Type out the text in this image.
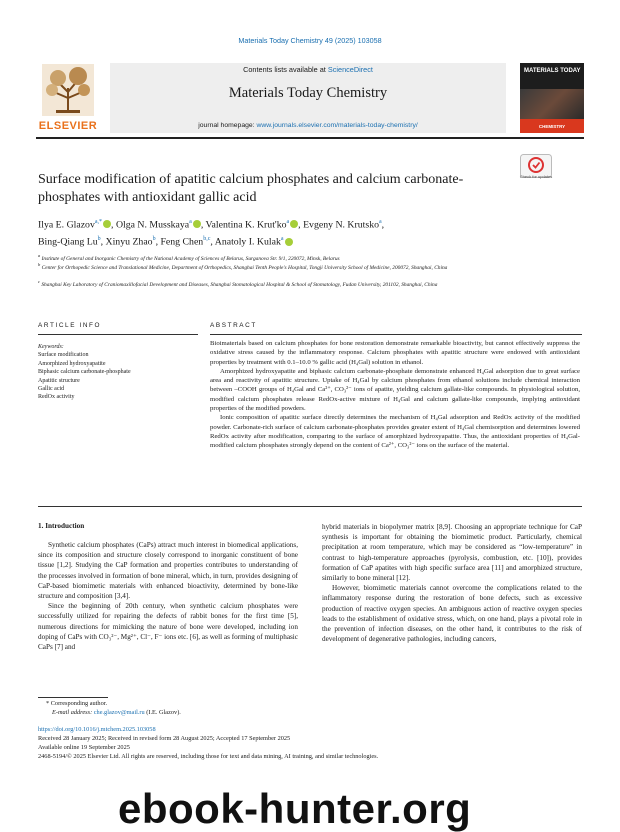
Materials Today Chemistry 49 (2025) 103058
ELSEVIER
Contents lists available at ScienceDirect
Materials Today Chemistry
journal homepage: www.journals.elsevier.com/materials-today-chemistry/
MATERIALS TODAY
CHEMISTRY
Check for updates
Surface modification of apatitic calcium phosphates and calcium carbonate-phosphates with antioxidant gallic acid
Ilya E. Glazov$^{a,*}$ , Olga N. Musskaya$^a$ , Valentina K. $Krut'ko^a$ , Evgeny N. Krutsko$^a$,
Bing-Qiang Lu$^b$, Xinyu Zhao$^b$, Feng Chen$^{b,c}$, Anatoly I. Kulak$^a$
$^a$ Institute of General and Inorganic Chemistry of the National Academy of Sciences of Belarus, Surganova Str. 9/1, 220072, Minsk, Belarus
$^b$ Center for Orthopedic Science and Translational Medicine, Department of Orthopedics, Shanghai Tenth People's Hospital, Tongji University School of Medicine, 200072, Shanghai, China
$^c$ Shanghai Key Laboratory of Craniomaxillofacial Development and Diseases, Shanghai Stomatological Hospital & School of Stomatology, Fudan University, 201102, Shanghai, China
ARTICLE INFO	ABSTRACT
Keywords:
Surface modification
Amorphized hydroxyapatite
Biphasic calcium carbonate-phosphate
Apatitic structure
Gallic acid
RedOx activity

Bioimaterials based on calcium phosphates for bone restoration demonstrate remarkable bioactivity, but cannot effectively suppress the oxidative stress caused by the inflammatory response. Calcium phosphates with apatitic structure were endowed with antioxidant properties by treatment with 0.1–10.0 % gallic acid (H₄Gal) solution in ethanol.

Amorphized hydroxyapatite and biphasic calcium carbonate-phosphate demonstrate enhanced H₄Gal adsorption due to great surface area and reactivity of apatitic structure. Uptake of H₄Gal by calcium phosphates from ethanol solutions include chemical interaction between –COOH groups of H₄Gal and Ca²⁺, CO₃²⁻ ions of apatite, yielding calcium gallate-like compounds. In physiological solution, modified calcium phosphates release RedOx-active mixture of H₄Gal and calcium gallate-like compounds, implying antioxidant properties of the modified powders.

Ionic composition of apatitic surface directly determines the mechanism of H₄Gal adsorption and RedOx activity of the modified powder. Carbonate-rich surface of calcium carbonate-phosphates provides greater extent of H₄Gal chemisorption and determines lowered RedOx activity after modification, comparing to the surface of amorphized hydroxyapatite. Thus, the antioxidant properties of H₄Gal-modified calcium phosphates strongly depend on the content of Ca²⁺, CO₃²⁻ ions on the surface of the material.

1. Introduction

Synthetic calcium phosphates (CaPs) attract much interest in biomedical applications, since its composition and structure closely correspond to inorganic constituent of bone tissue [1,2]. Studying the CaP formation and properties contributes to understanding of the processes involved in formation of bone mineral, which, in turn, provides designing of CaP-based biomimetic materials with enhanced bioactivity, determined by bone-like structure and composition [3,4].

Since the beginning of 20th century, when synthetic calcium phosphates were successfully utilized for repairing the defects of rabbit bones for the first time [5], numerous directions for mimicking the nature of bone were developed, including ion doping of CaPs with CO₃²⁻, Mg²⁺, Cl⁻, F⁻ ions etc. [6], as well as forming of multiphasic CaPs [7] and

hybrid materials in biopolymer matrix [8,9]. Choosing an appropriate technique for CaP synthesis is important for obtaining the biomimetic product. Particularly, chemical precipitation at room temperature, which may be considered as “low-temperature” in contrast to high-temperature approaches (pyrolysis, combustion, etc. [10]), provides formation of CaP apatites with high specific surface area [11] and amorphized structure, similarly to bone mineral [12].

However, biomimetic materials cannot overcome the complications related to the inflammatory response during the restoration of bone defects, such as excessive production of reactive oxygen species. An ambiguous action of reactive oxygen species leads to the establishment of oxidative stress, which, on one hand, plays a pivotal role in the prevention of infection diseases, on the other hand, it contributes to the risk of development of degenerative pathologies, including cancers,

* Corresponding author.
E-mail address: che.glazov@mail.ru (I.E. Glazov).
https://doi.org/10.1016/j.mtchem.2025.103058
Received 28 January 2025; Received in revised form 28 August 2025; Accepted 17 September 2025
Available online 19 September 2025
2468-5194/© 2025 Elsevier Ltd. All rights are reserved, including those for text and data mining, AI training, and similar technologies.
ebook-hunter.org
